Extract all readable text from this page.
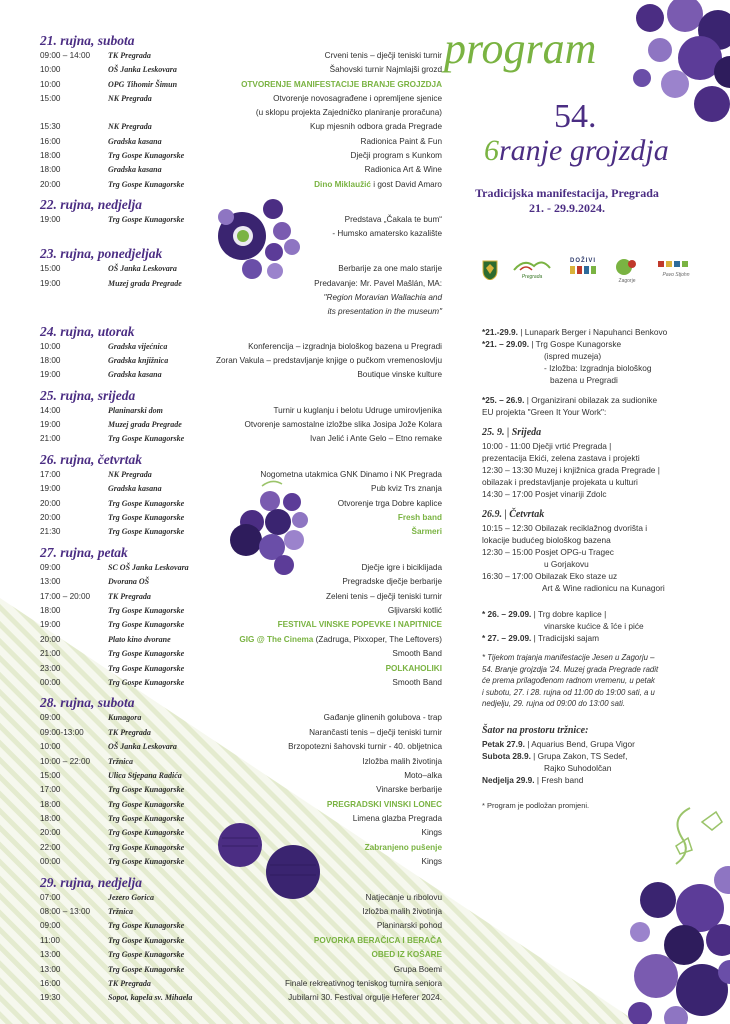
21. rujna, subota
09:00 – 14:00	TK Pregrada	Crveni tenis – dječji teniski turnir
10:00	OŠ Janka Leskovara	Šahovski turnir Najmlajši grozd
10:00	OPG Tihomir Šimun	OTVORENJE MANIFESTACIJE BRANJE GROJZDJA
15:00	NK Pregrada	Otvorenje novosagrađene i opremljene sjenice
(u sklopu projekta Zajedničko planiranje proračuna)
15:30	NK Pregrada	Kup mjesnih odbora grada Pregrade
16:00	Gradska kasana	Radionica Paint & Fun
18:00	Trg Gospe Kunagorske	Dječji program s Kunkom
18:00	Gradska kasana	Radionica Art & Wine
20:00	Trg Gospe Kunagorske	Dino Miklaužić i gost David Amaro
22. rujna, nedjelja
19:00	Trg Gospe Kunagorske	Predstava „Čakala te bum“
- Humsko amatersko kazalište
23. rujna, ponedjeljak
15:00	OŠ Janka Leskovara	Berbarije za one malo starije
19:00	Muzej grada Pregrade	Predavanje: Mr. Pavel Mašlán, MA:
"Region Moravian Wallachia and
its presentation in the museum"
24. rujna, utorak
10:00	Gradska vijećnica	Konferencija – izgradnja biološkog bazena u Pregradi
18:00	Gradska knjižnica	Zoran Vakula – predstavljanje knjige o pučkom vremenoslovlju
19:00	Gradska kasana	Boutique vinske kulture
25. rujna, srijeda
14:00	Planinarski dom	Turnir u kuglanju i belotu Udruge umirovljenika
19:00	Muzej grada Pregrade	Otvorenje samostalne izložbe slika Josipa Jože Kolara
21:00	Trg Gospe Kunagorske	Ivan Jelić i Ante Gelo – Etno remake
26. rujna, četvrtak
17:00	NK Pregrada	Nogometna utakmica GNK Dinamo i NK Pregrada
19:00	Gradska kasana	Pub kviz Trs znanja
20:00	Trg Gospe Kunagorske	Otvorenje trga Dobre kaplice
20:00	Trg Gospe Kunagorske	Fresh band
21:30	Trg Gospe Kunagorske	Šarmeri
27. rujna, petak
09:00	SC OŠ Janka Leskovara	Dječje igre i biciklijada
13:00	Dvorana OŠ	Pregradske dječje berbarije
17:00 – 20:00	TK Pregrada	Zeleni tenis – dječji teniski turnir
18:00	Trg Gospe Kunagorske	Gljivarski kotlić
19:00	Trg Gospe Kunagorske	FESTIVAL VINSKE POPEVKE I NAPITNICE
20:00	Plato kino dvorane	GIG @ The Cinema (Zadruga, Pixxoper, The Leftovers)
21:00	Trg Gospe Kunagorske	Smooth Band
23:00	Trg Gospe Kunagorske	POLKAHOLIKI
00:00	Trg Gospe Kunagorske	Smooth Band
28. rujna, subota
09:00	Kunagora	Gađanje glinenih golubova - trap
09:00-13:00	TK Pregrada	Narančasti tenis – dječji teniski turnir
10:00	OŠ Janka Leskovara	Brzopotezni šahovski turnir - 40. obljetnica
10:00 – 22:00	Tržnica	Izložba malih životinja
15:00	Ulica Stjepana Radića	Moto–alka
17:00	Trg Gospe Kunagorske	Vinarske berbarije
18:00	Trg Gospe Kunagorske	PREGRADSKI VINSKI LONEC
18:00	Trg Gospe Kunagorske	Limena glazba Pregrada
20:00	Trg Gospe Kunagorske	Kings
22:00	Trg Gospe Kunagorske	Zabranjeno pušenje
00:00	Trg Gospe Kunagorske	Kings
29. rujna, nedjelja
07:00	Jezero Gorica	Natjecanje u ribolovu
08:00 – 13:00	Tržnica	Izložba malih životinja
09:00	Trg Gospe Kunagorske	Planinarski pohod
11:00	Trg Gospe Kunagorske	POVORKA BERAČICA I BERAČA
13:00	Trg Gospe Kunagorske	OBED IZ KOŠARE
13:00	Trg Gospe Kunagorske	Grupa Boemi
16:00	TK Pregrada	Finale rekreativnog teniskog turnira seniora
19:30	Sopot, kapela sv. Mihaela	Jubilarni 30. Festival orgulje Heferer 2024.
program
54.
6ranje grojzdja
Tradicijska manifestacija, Pregrada
21. - 29.9.2024.
Pregrada
DOŽIVI
Zagorje
Pavo Stjohn
*21.-29.9. | Lunapark Berger i Napuhanci Benkovo
*21. – 29.09. | Trg Gospe Kunagorske
(ispred muzeja)
- Izložba: Izgradnja biološkog
bazena u Pregradi
*25. – 26.9. | Organizirani obilazak za sudionike
EU projekta "Green It Your Work":
25. 9. | Srijeda
10:00 - 11:00 Dječji vrtić Pregrada |
prezentacija Ekići, zelena zastava i projekti
12:30 – 13:30 Muzej i knjižnica grada Pregrade |
obilazak i predstavljanje projekata u kulturi
14:30 – 17:00 Posjet vinariji Zdolc
26.9. | Četvrtak
10:15 – 12:30 Obilazak reciklažnog dvorišta i
lokacije budućeg biološkog bazena
12:30 – 15:00 Posjet OPG-u Tragec
u Gorjakovu
16:30 – 17:00 Obilazak Eko staze uz
Art & Wine radionicu na Kunagori
* 26. – 29.09. | Trg dobre kaplice |
vinarske kućice & îće i piće
* 27. – 29.09. | Tradicijski sajam
* Tijekom trajanja manifestacije Jesen u Zagorju –
54. Branje grojzdja '24. Muzej grada Pregrade radit
će prema prilagođenom radnom vremenu, u petak
i subotu, 27. i 28. rujna od 11:00 do 19:00 sati, a u
nedjelju, 29. rujna od 09:00 do 13:00 sati.
Šator na prostoru tržnice:
Petak 27.9. | Aquarius Bend, Grupa Vigor
Subota 28.9. | Grupa Zakon, TS Sedef,
Rajko Suhodolčan
Nedjelja 29.9. | Fresh band
* Program je podložan promjeni.
